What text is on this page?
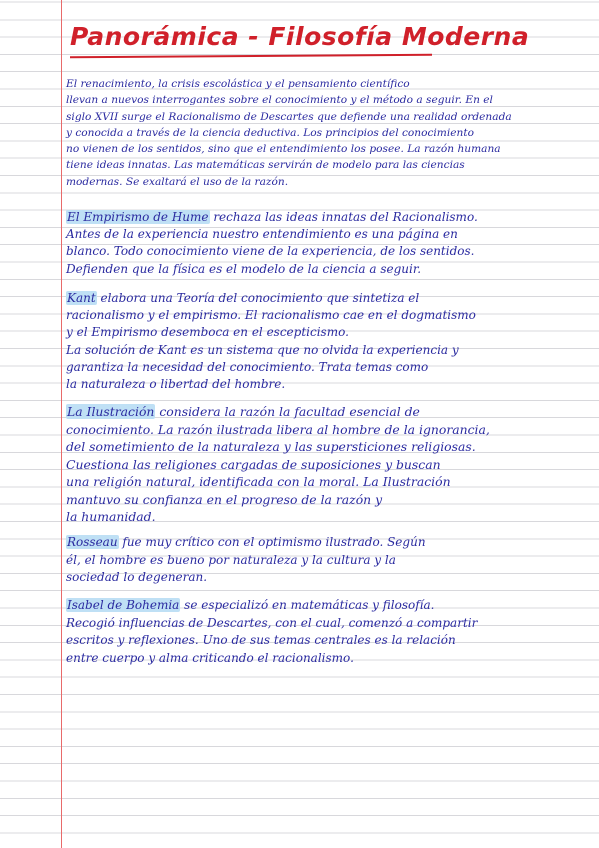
Panorámica - Filosofía Moderna

El renacimiento, la crisis escolástica y el pensamiento científico
llevan a nuevos interrogantes sobre el conocimiento y el método a seguir. En el
siglo XVII surge el Racionalismo de Descartes que defiende una realidad ordenada
y conocida a través de la ciencia deductiva. Los principios del conocimiento
no vienen de los sentidos, sino que el entendimiento los posee. La razón humana
tiene ideas innatas. Las matemáticas servirán de modelo para las ciencias
modernas. Se exaltará el uso de la razón.

El Empirismo de Hume rechaza las ideas innatas del Racionalismo.
Antes de la experiencia nuestro entendimiento es una página en
blanco. Todo conocimiento viene de la experiencia, de los sentidos.
Defienden que la física es el modelo de la ciencia a seguir.

Kant elabora una Teoría del conocimiento que sintetiza el
racionalismo y el empirismo. El racionalismo cae en el dogmatismo
y el Empirismo desemboca en el escepticismo.
La solución de Kant es un sistema que no olvida la experiencia y
garantiza la necesidad del conocimiento. Trata temas como
la naturaleza o libertad del hombre.

La Ilustración considera la razón la facultad esencial de
conocimiento. La razón ilustrada libera al hombre de la ignorancia,
del sometimiento de la naturaleza y las supersticiones religiosas.
Cuestiona las religiones cargadas de suposiciones y buscan
una religión natural, identificada con la moral. La Ilustración
mantuvo su confianza en el progreso de la razón y
la humanidad.

Rosseau fue muy crítico con el optimismo ilustrado. Según
él, el hombre es bueno por naturaleza y la cultura y la
sociedad lo degeneran.

Isabel de Bohemia se especializó en matemáticas y filosofía.
Recogió influencias de Descartes, con el cual, comenzó a compartir
escritos y reflexiones. Uno de sus temas centrales es la relación
entre cuerpo y alma criticando el racionalismo.
